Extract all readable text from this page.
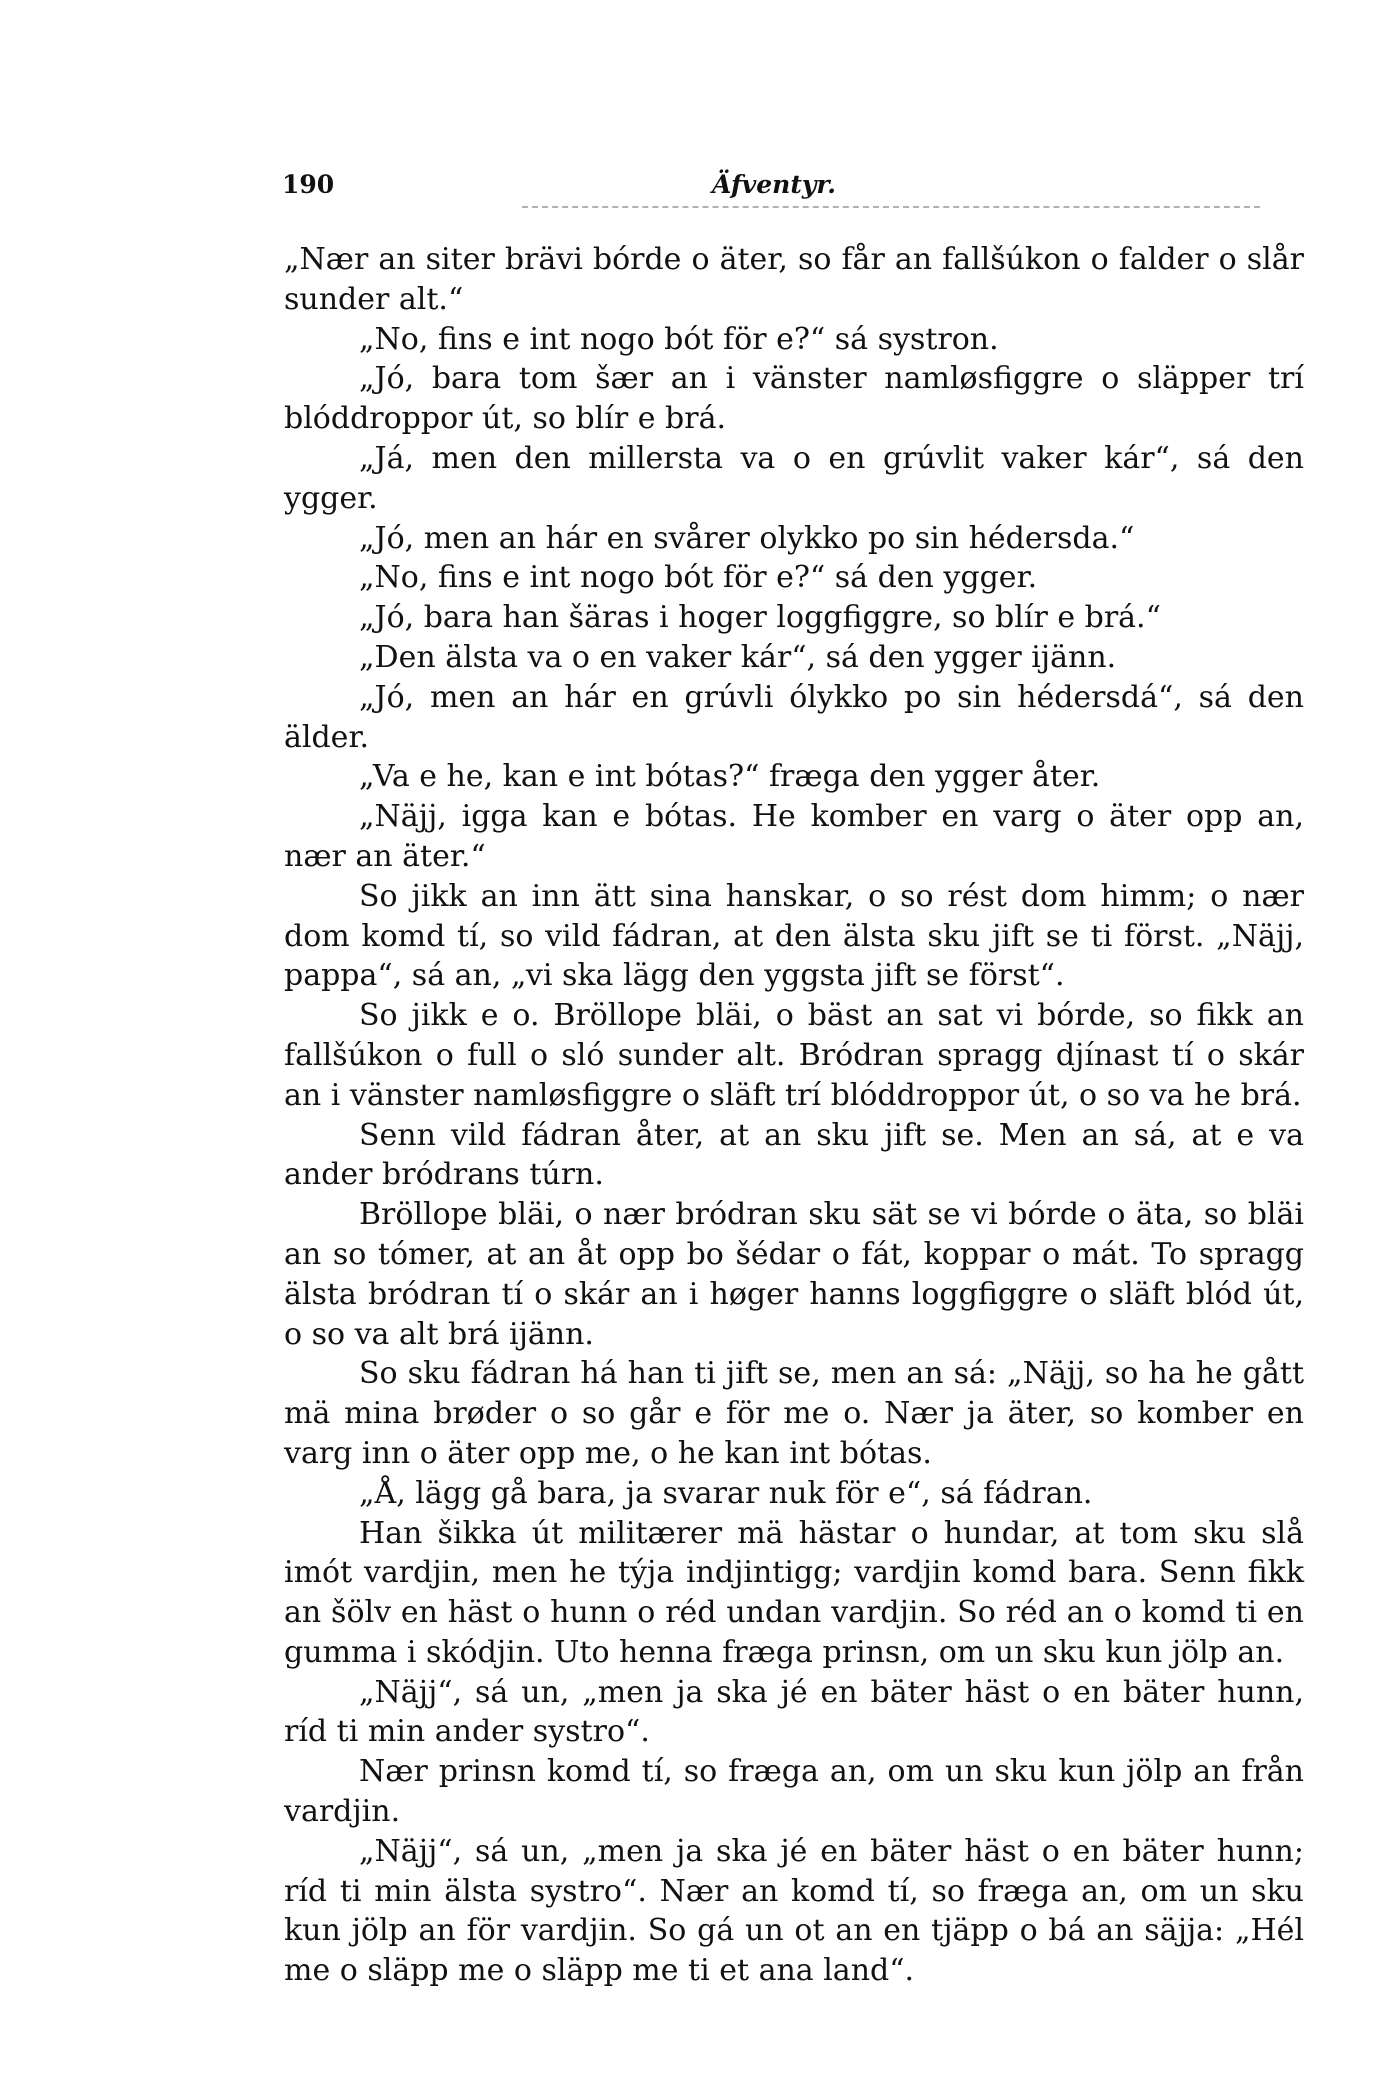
190	Äfventyr.

„Nær an siter brävi bórde o äter, so får an fallšúkon o falder o slår sunder alt.“

„No, fins e int nogo bót för e?“ sá systron.

„Jó, bara tom šær an i vänster namløsfiggre o släpper trí blóddroppor út, so blír e brá.

„Já, men den millersta va o en grúvlit vaker kár“, sá den ygger.

„Jó, men an hár en svårer olykko po sin hédersda.“

„No, fins e int nogo bót för e?“ sá den ygger.

„Jó, bara han šäras i hoger loggfiggre, so blír e brá.“

„Den älsta va o en vaker kár“, sá den ygger ijänn.

„Jó, men an hár en grúvli ólykko po sin hédersdá“, sá den älder.

„Va e he, kan e int bótas?“ fræga den ygger åter.

„Näjj, igga kan e bótas. He komber en varg o äter opp an, nær an äter.“

So jikk an inn ätt sina hanskar, o so rést dom himm; o nær dom komd tí, so vild fádran, at den älsta sku jift se ti först. „Näjj, pappa“, sá an, „vi ska lägg den yggsta jift se först“.

So jikk e o. Bröllope bläi, o bäst an sat vi bórde, so fikk an fallšúkon o full o sló sunder alt. Bródran spragg djínast tí o skár an i vänster namløsfiggre o släft trí blóddroppor út, o so va he brá.

Senn vild fádran åter, at an sku jift se. Men an sá, at e va ander bródrans túrn.

Bröllope bläi, o nær bródran sku sät se vi bórde o äta, so bläi an so tómer, at an åt opp bo šédar o fát, koppar o mát. To spragg älsta bródran tí o skár an i høger hanns loggfiggre o släft blód út, o so va alt brá ijänn.

So sku fádran há han ti jift se, men an sá: „Näjj, so ha he gått mä mina brøder o so går e för me o. Nær ja äter, so komber en varg inn o äter opp me, o he kan int bótas.

„Å, lägg gå bara, ja svarar nuk för e“, sá fádran.

Han šikka út militærer mä hästar o hundar, at tom sku slå imót vardjin, men he týja indjintigg; vardjin komd bara. Senn fikk an šölv en häst o hunn o réd undan vardjin. So réd an o komd ti en gumma i skódjin. Uto henna fræga prinsn, om un sku kun jölp an.

„Näjj“, sá un, „men ja ska jé en bäter häst o en bäter hunn, ríd ti min ander systro“.

Nær prinsn komd tí, so fræga an, om un sku kun jölp an från vardjin.

„Näjj“, sá un, „men ja ska jé en bäter häst o en bäter hunn; ríd ti min älsta systro“. Nær an komd tí, so fræga an, om un sku kun jölp an för vardjin. So gá un ot an en tjäpp o bá an säjja: „Hél me o släpp me o släpp me ti et ana land“.
